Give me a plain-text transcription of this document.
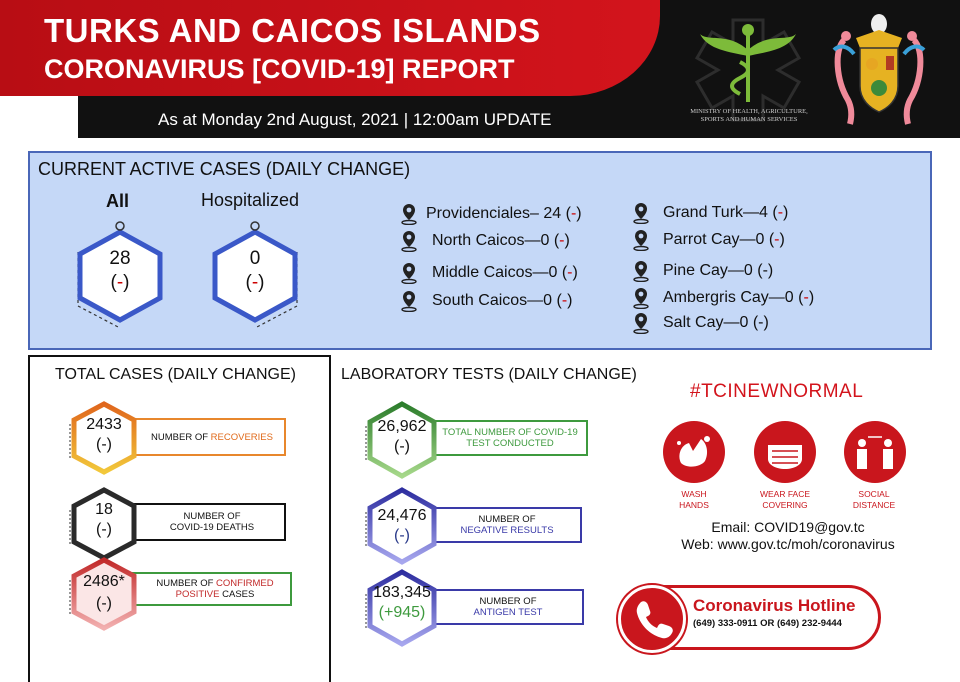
TURKS AND CAICOS ISLANDS
CORONAVIRUS [COVID-19] REPORT
As at Monday 2nd August, 2021 | 12:00am UPDATE	MINISTRY OF HEALTH, AGRICULTURE, SPORTS AND HUMAN SERVICES
CURRENT ACTIVE CASES (DAILY CHANGE)
All	Hospitalized
28
(-)
0
(-)
Providenciales– 24 ( - )
North Caicos—0 ( - )
Middle Caicos—0 ( - )
South Caicos—0 ( - )
Grand Turk—4 ( - )
Parrot Cay—0 ( - )
Pine Cay—0 ( - )
Ambergris Cay—0 ( - )
Salt Cay—0 ( - )
TOTAL CASES (DAILY CHANGE)
NUMBER OF RECOVERIES
2433
(-)
NUMBER OF
COVID-19 DEATHS
18
(-)
NUMBER OF CONFIRMED
POSITIVE CASES
2486*
(-)
LABORATORY TESTS (DAILY CHANGE)
TOTAL NUMBER OF COVID-19
TEST CONDUCTED
26,962
(-)
NUMBER OF
NEGATIVE RESULTS
24,476
(-)
NUMBER OF
ANTIGEN TEST
183,345
(+945)
#TCINEWNORMAL
WASH
HANDS
WEAR FACE
COVERING
SOCIAL
DISTANCE
Email: COVID19@gov.tc
Web: www.gov.tc/moh/coronavirus
Coronavirus Hotline
(649) 333-0911 OR (649) 232-9444
